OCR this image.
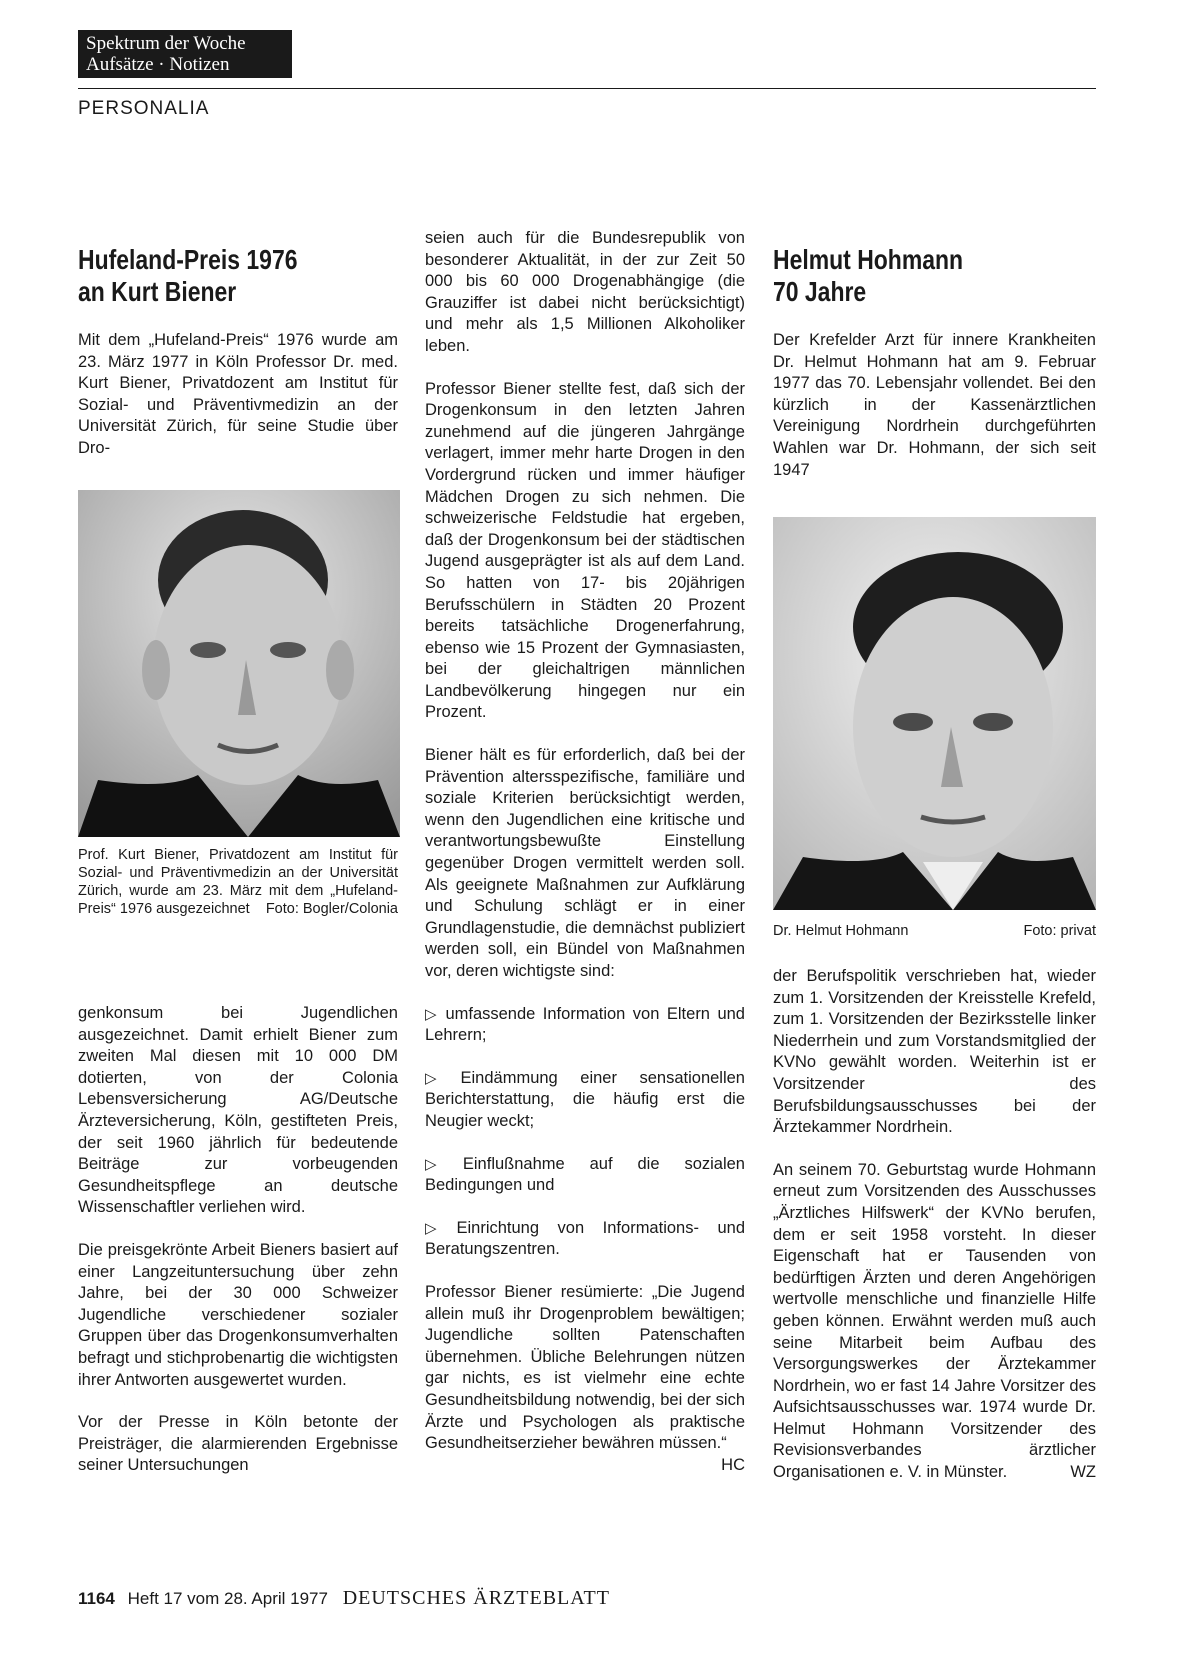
Spektrum der Woche
Aufsätze · Notizen
PERSONALIA
Hufeland-Preis 1976
an Kurt Biener

Mit dem „Hufeland-Preis“ 1976 wurde am 23. März 1977 in Köln Professor Dr. med. Kurt Biener, Privatdozent am Institut für Sozial- und Präventivmedizin an der Universität Zürich, für seine Studie über Dro-

Prof. Kurt Biener, Privatdozent am Institut für Sozial- und Präventivmedizin an der Universität Zürich, wurde am 23. März mit dem „Hufeland-Preis“ 1976 ausgezeichnet	Foto: Bogler/Colonia

genkonsum bei Jugendlichen ausgezeichnet. Damit erhielt Biener zum zweiten Mal diesen mit 10 000 DM dotierten, von der Colonia Lebensversicherung AG/Deutsche Ärzteversicherung, Köln, gestifteten Preis, der seit 1960 jährlich für bedeutende Beiträge zur vorbeugenden Gesundheitspflege an deutsche Wissenschaftler verliehen wird.

Die preisgekrönte Arbeit Bieners basiert auf einer Langzeituntersuchung über zehn Jahre, bei der 30 000 Schweizer Jugendliche verschiedener sozialer Gruppen über das Drogenkonsumverhalten befragt und stichprobenartig die wichtigsten ihrer Antworten ausgewertet wurden.

Vor der Presse in Köln betonte der Preisträger, die alarmierenden Ergebnisse seiner Untersuchungen

seien auch für die Bundesrepublik von besonderer Aktualität, in der zur Zeit 50 000 bis 60 000 Drogenabhängige (die Grauziffer ist dabei nicht berücksichtigt) und mehr als 1,5 Millionen Alkoholiker leben.

Professor Biener stellte fest, daß sich der Drogenkonsum in den letzten Jahren zunehmend auf die jüngeren Jahrgänge verlagert, immer mehr harte Drogen in den Vordergrund rücken und immer häufiger Mädchen Drogen zu sich nehmen. Die schweizerische Feldstudie hat ergeben, daß der Drogenkonsum bei der städtischen Jugend ausgeprägter ist als auf dem Land. So hatten von 17- bis 20jährigen Berufsschülern in Städten 20 Prozent bereits tatsächliche Drogenerfahrung, ebenso wie 15 Prozent der Gymnasiasten, bei der gleichaltrigen männlichen Landbevölkerung hingegen nur ein Prozent.

Biener hält es für erforderlich, daß bei der Prävention altersspezifische, familiäre und soziale Kriterien berücksichtigt werden, wenn den Jugendlichen eine kritische und verantwortungsbewußte Einstellung gegenüber Drogen vermittelt werden soll. Als geeignete Maßnahmen zur Aufklärung und Schulung schlägt er in einer Grundlagenstudie, die demnächst publiziert werden soll, ein Bündel von Maßnahmen vor, deren wichtigste sind:

▷ umfassende Information von Eltern und Lehrern;
▷ Eindämmung einer sensationellen Berichterstattung, die häufig erst die Neugier weckt;
▷ Einflußnahme auf die sozialen Bedingungen und
▷ Einrichtung von Informations- und Beratungszentren.

Professor Biener resümierte: „Die Jugend allein muß ihr Drogenproblem bewältigen; Jugendliche sollten Patenschaften übernehmen. Übliche Belehrungen nützen gar nichts, es ist vielmehr eine echte Gesundheitsbildung notwendig, bei der sich Ärzte und Psychologen als praktische Gesundheitserzieher bewähren müssen.“
HC

Helmut Hohmann
70 Jahre

Der Krefelder Arzt für innere Krankheiten Dr. Helmut Hohmann hat am 9. Februar 1977 das 70. Lebensjahr vollendet. Bei den kürzlich in der Kassenärztlichen Vereinigung Nordrhein durchgeführten Wahlen war Dr. Hohmann, der sich seit 1947

Dr. Helmut Hohmann	Foto: privat

der Berufspolitik verschrieben hat, wieder zum 1. Vorsitzenden der Kreisstelle Krefeld, zum 1. Vorsitzenden der Bezirksstelle linker Niederrhein und zum Vorstandsmitglied der KVNo gewählt worden. Weiterhin ist er Vorsitzender des Berufsbildungsausschusses bei der Ärztekammer Nordrhein.

An seinem 70. Geburtstag wurde Hohmann erneut zum Vorsitzenden des Ausschusses „Ärztliches Hilfswerk“ der KVNo berufen, dem er seit 1958 vorsteht. In dieser Eigenschaft hat er Tausenden von bedürftigen Ärzten und deren Angehörigen wertvolle menschliche und finanzielle Hilfe geben können. Erwähnt werden muß auch seine Mitarbeit beim Aufbau des Versorgungswerkes der Ärztekammer Nordrhein, wo er fast 14 Jahre Vorsitzer des Aufsichtsausschusses war. 1974 wurde Dr. Helmut Hohmann Vorsitzender des Revisionsverbandes ärztlicher Organisationen e. V. in Münster.	WZ

1164 Heft 17 vom 28. April 1977 DEUTSCHES ÄRZTEBLATT
